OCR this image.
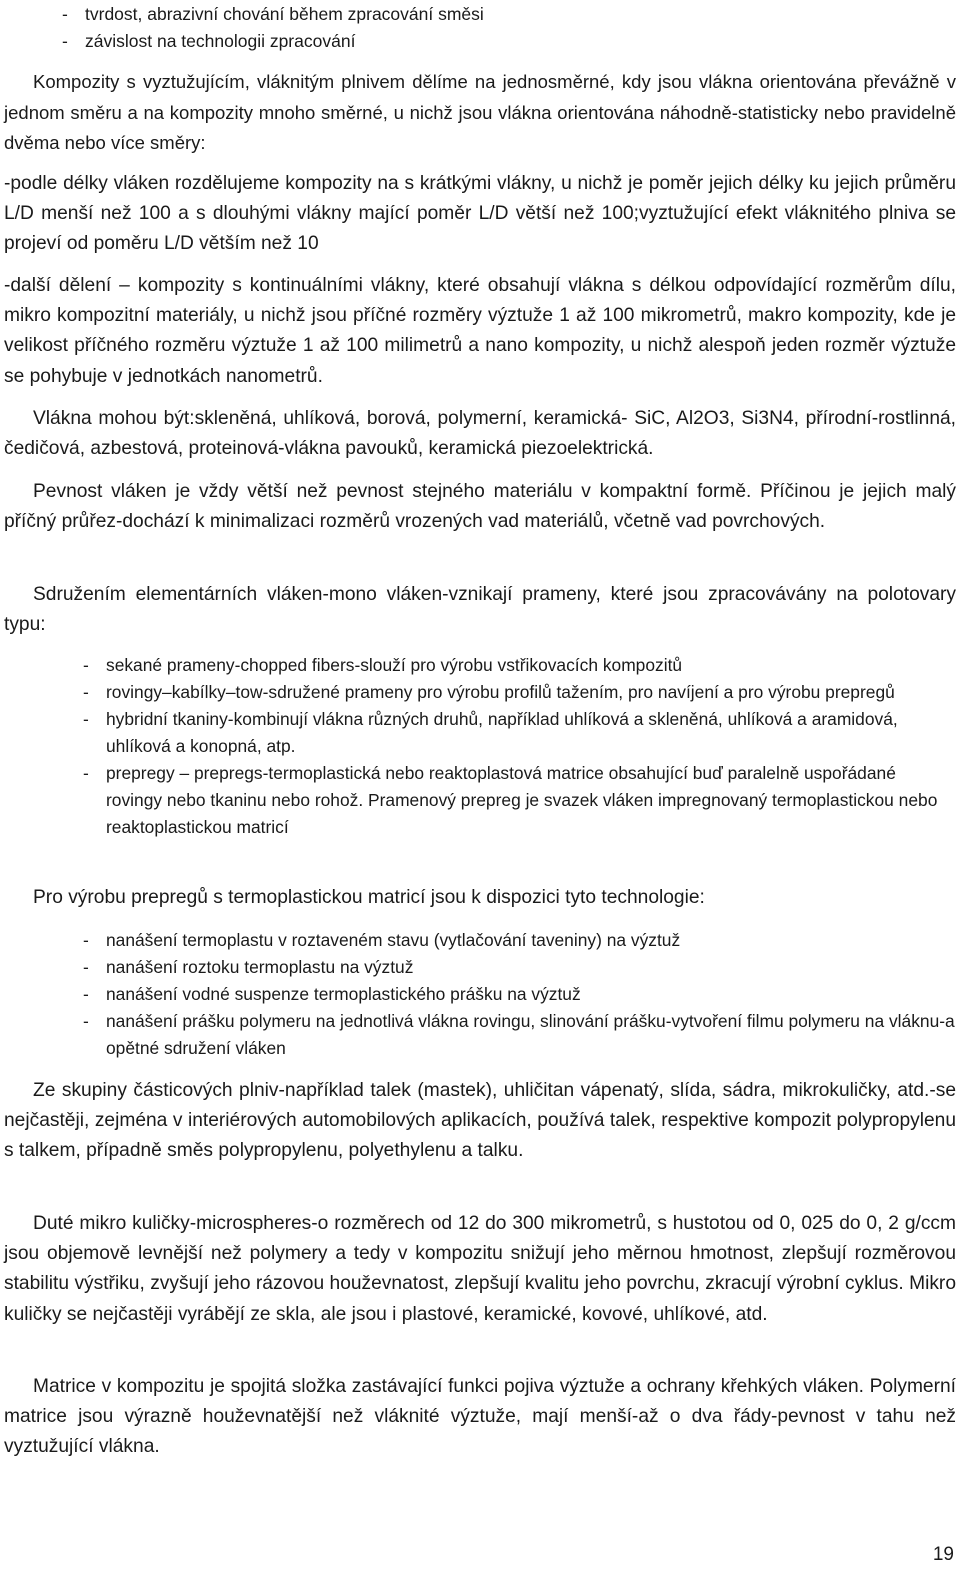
- tvrdost, abrazivní chování během zpracování směsi
- závislost na technologii zpracování

Kompozity s vyztužujícím, vláknitým plnivem dělíme na jednosměrné, kdy jsou vlákna orientována převážně v jednom směru a na kompozity mnoho směrné, u nichž jsou vlákna orientována náhodně-statisticky nebo pravidelně dvěma nebo více směry:

-podle délky vláken rozdělujeme kompozity na s krátkými vlákny, u nichž je poměr jejich délky ku jejich průměru L/D menší než 100 a s dlouhými vlákny mající poměr L/D větší než 100;vyztužující efekt vláknitého plniva se projeví od poměru L/D větším než 10

-další dělení – kompozity s kontinuálními vlákny, které obsahují vlákna s délkou odpovídající rozměrům dílu, mikro kompozitní materiály, u nichž jsou příčné rozměry výztuže 1 až 100 mikrometrů, makro kompozity, kde je velikost příčného rozměru výztuže 1 až 100 milimetrů a nano kompozity, u nichž alespoň jeden rozměr výztuže se pohybuje v jednotkách nanometrů.

Vlákna mohou být:skleněná, uhlíková, borová, polymerní, keramická- SiC, Al2O3, Si3N4, přírodní-rostlinná, čedičová, azbestová, proteinová-vlákna pavouků, keramická piezoelektrická.

Pevnost vláken je vždy větší než pevnost stejného materiálu v kompaktní formě. Příčinou je jejich malý příčný průřez-dochází k minimalizaci rozměrů vrozených vad materiálů, včetně vad povrchových.

Sdružením elementárních vláken-mono vláken-vznikají prameny, které jsou zpracovávány na polotovary typu:

- sekané prameny-chopped fibers-slouží pro výrobu vstřikovacích kompozitů
- rovingy–kabílky–tow-sdružené prameny pro výrobu profilů tažením, pro navíjení a pro výrobu prepregů
- hybridní tkaniny-kombinují vlákna různých druhů, například uhlíková a skleněná, uhlíková a aramidová, uhlíková a konopná, atp.
- prepregy – prepregs-termoplastická nebo reaktoplastová matrice obsahující buď paralelně uspořádané rovingy nebo tkaninu nebo rohož. Pramenový prepreg je svazek vláken impregnovaný termoplastickou nebo reaktoplastickou matricí

Pro výrobu prepregů s termoplastickou matricí jsou k dispozici tyto technologie:

- nanášení termoplastu v roztaveném stavu (vytlačování taveniny) na výztuž
- nanášení roztoku termoplastu na výztuž
- nanášení vodné suspenze termoplastického prášku na výztuž
- nanášení prášku polymeru na jednotlivá vlákna rovingu, slinování prášku-vytvoření filmu polymeru na vláknu-a opětné sdružení vláken

Ze skupiny částicových plniv-například talek (mastek), uhličitan vápenatý, slída, sádra, mikrokuličky, atd.-se nejčastěji, zejména v interiérových automobilových aplikacích, používá talek, respektive kompozit polypropylenu s talkem, případně směs polypropylenu, polyethylenu a talku.

Duté mikro kuličky-microspheres-o rozměrech od 12 do 300 mikrometrů, s hustotou od 0, 025 do 0, 2 g/ccm jsou objemově levnější než polymery a tedy v kompozitu snižují jeho měrnou hmotnost, zlepšují rozměrovou stabilitu výstřiku, zvyšují jeho rázovou houževnatost, zlepšují kvalitu jeho povrchu, zkracují výrobní cyklus. Mikro kuličky se nejčastěji vyrábějí ze skla, ale jsou i plastové, keramické, kovové, uhlíkové, atd.

Matrice v kompozitu je spojitá složka zastávající funkci pojiva výztuže a ochrany křehkých vláken. Polymerní matrice jsou výrazně houževnatější než vláknité výztuže, mají menší-až o dva řády-pevnost v tahu než vyztužující vlákna.

19
